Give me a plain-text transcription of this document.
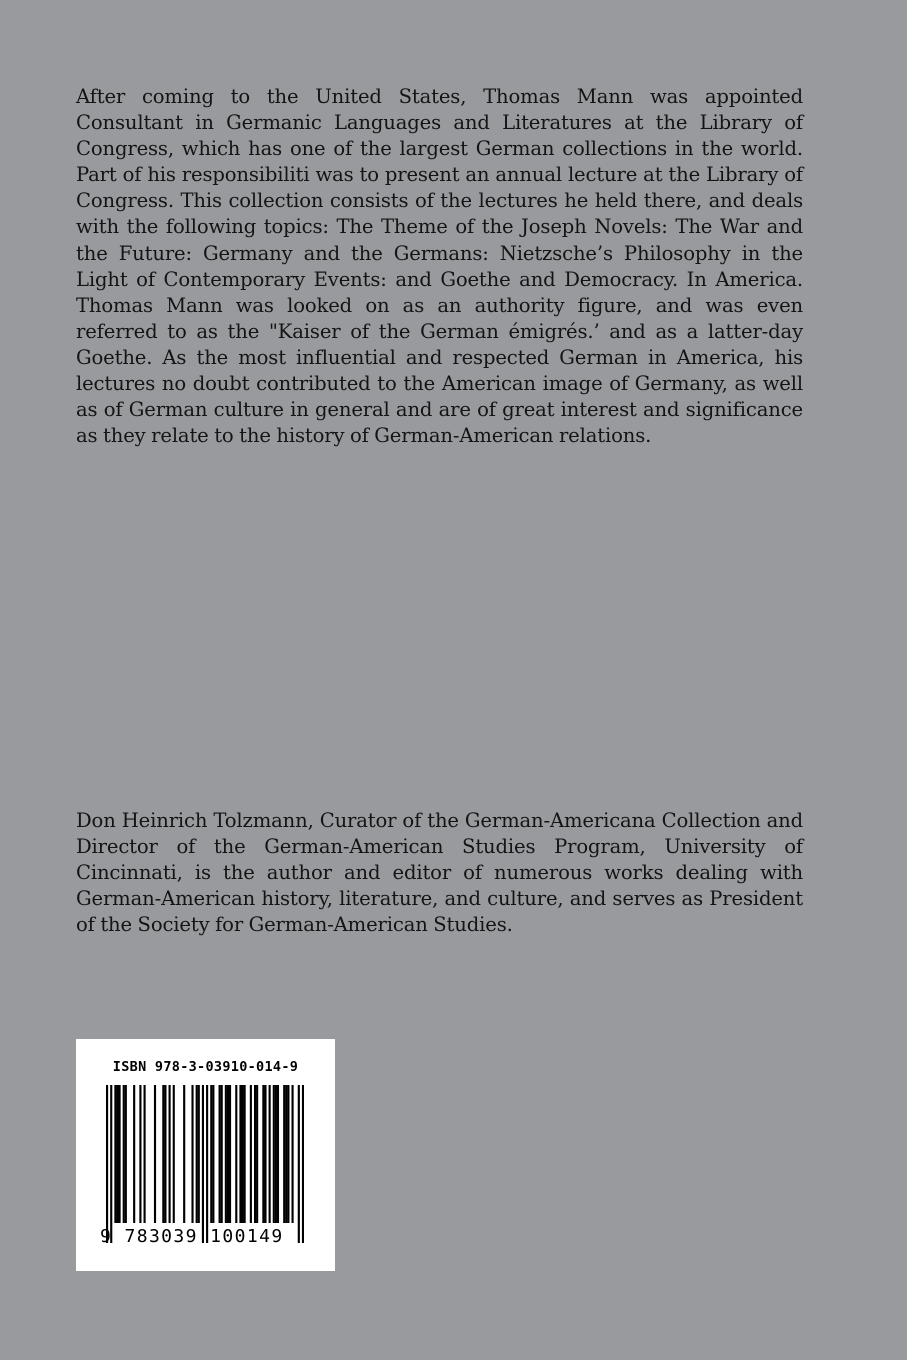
After coming to the United States, Thomas Mann was appointed Consultant in Germanic Languages and Literatures at the Library of Congress, which has one of the largest German collections in the world. Part of his responsibiliti was to present an annual lecture at the Library of Congress. This collection consists of the lectures he held there, and deals with the following topics: The Theme of the Joseph Novels: The War and the Future: Germany and the Germans: Nietzsche’s Philosophy in the Light of Contemporary Events: and Goethe and Democracy. In America. Thomas Mann was looked on as an authority figure, and was even referred to as the "Kaiser of the German émigrés.’ and as a latter-day Goethe. As the most influential and respected German in America, his lectures no doubt contributed to the American image of Germany, as well as of German culture in general and are of great interest and significance as they relate to the history of German-American relations.

Don Heinrich Tolzmann, Curator of the German-Americana Collection and Director of the German-American Studies Program, University of Cincinnati, is the author and editor of numerous works dealing with German-American history, literature, and culture, and serves as President of the Society for German-American Studies.

ISBN 978-3-03910-014-9
9 783039 100149
